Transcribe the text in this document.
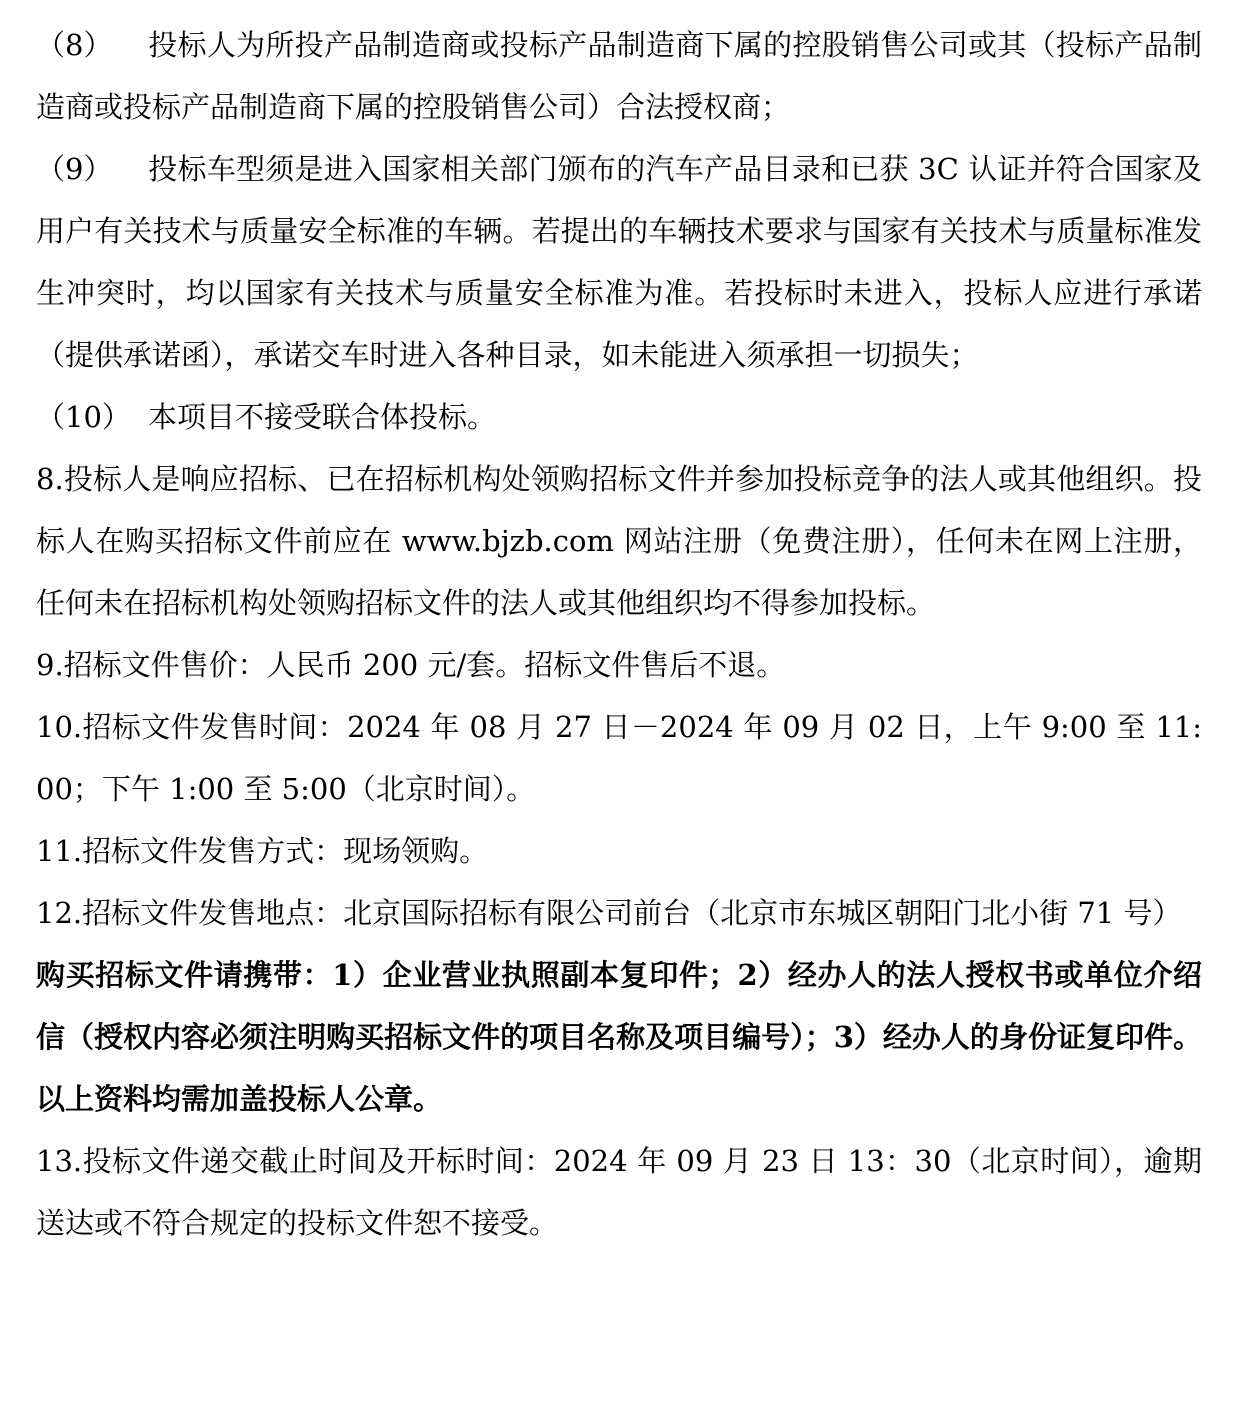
（8） 投标人为所投产品制造商或投标产品制造商下属的控股销售公司或其（投标产品制造商或投标产品制造商下属的控股销售公司）合法授权商；

（9） 投标车型须是进入国家相关部门颁布的汽车产品目录和已获 3C 认证并符合国家及用户有关技术与质量安全标准的车辆。若提出的车辆技术要求与国家有关技术与质量标准发生冲突时，均以国家有关技术与质量安全标准为准。若投标时未进入，投标人应进行承诺（提供承诺函），承诺交车时进入各种目录，如未能进入须承担一切损失；

（10） 本项目不接受联合体投标。

8.投标人是响应招标、已在招标机构处领购招标文件并参加投标竞争的法人或其他组织。投标人在购买招标文件前应在 www.bjzb.com 网站注册（免费注册），任何未在网上注册，任何未在招标机构处领购招标文件的法人或其他组织均不得参加投标。

9.招标文件售价：人民币 200 元/套。招标文件售后不退。

10.招标文件发售时间：2024 年 08 月 27 日－2024 年 09 月 02 日，上午 9:00 至 11:00；下午 1:00 至 5:00（北京时间）。

11.招标文件发售方式：现场领购。

12.招标文件发售地点：北京国际招标有限公司前台（北京市东城区朝阳门北小街 71 号）

购买招标文件请携带：1）企业营业执照副本复印件；2）经办人的法人授权书或单位介绍信（授权内容必须注明购买招标文件的项目名称及项目编号）；3）经办人的身份证复印件。以上资料均需加盖投标人公章。

13.投标文件递交截止时间及开标时间：2024 年 09 月 23 日 13：30（北京时间），逾期送达或不符合规定的投标文件恕不接受。
